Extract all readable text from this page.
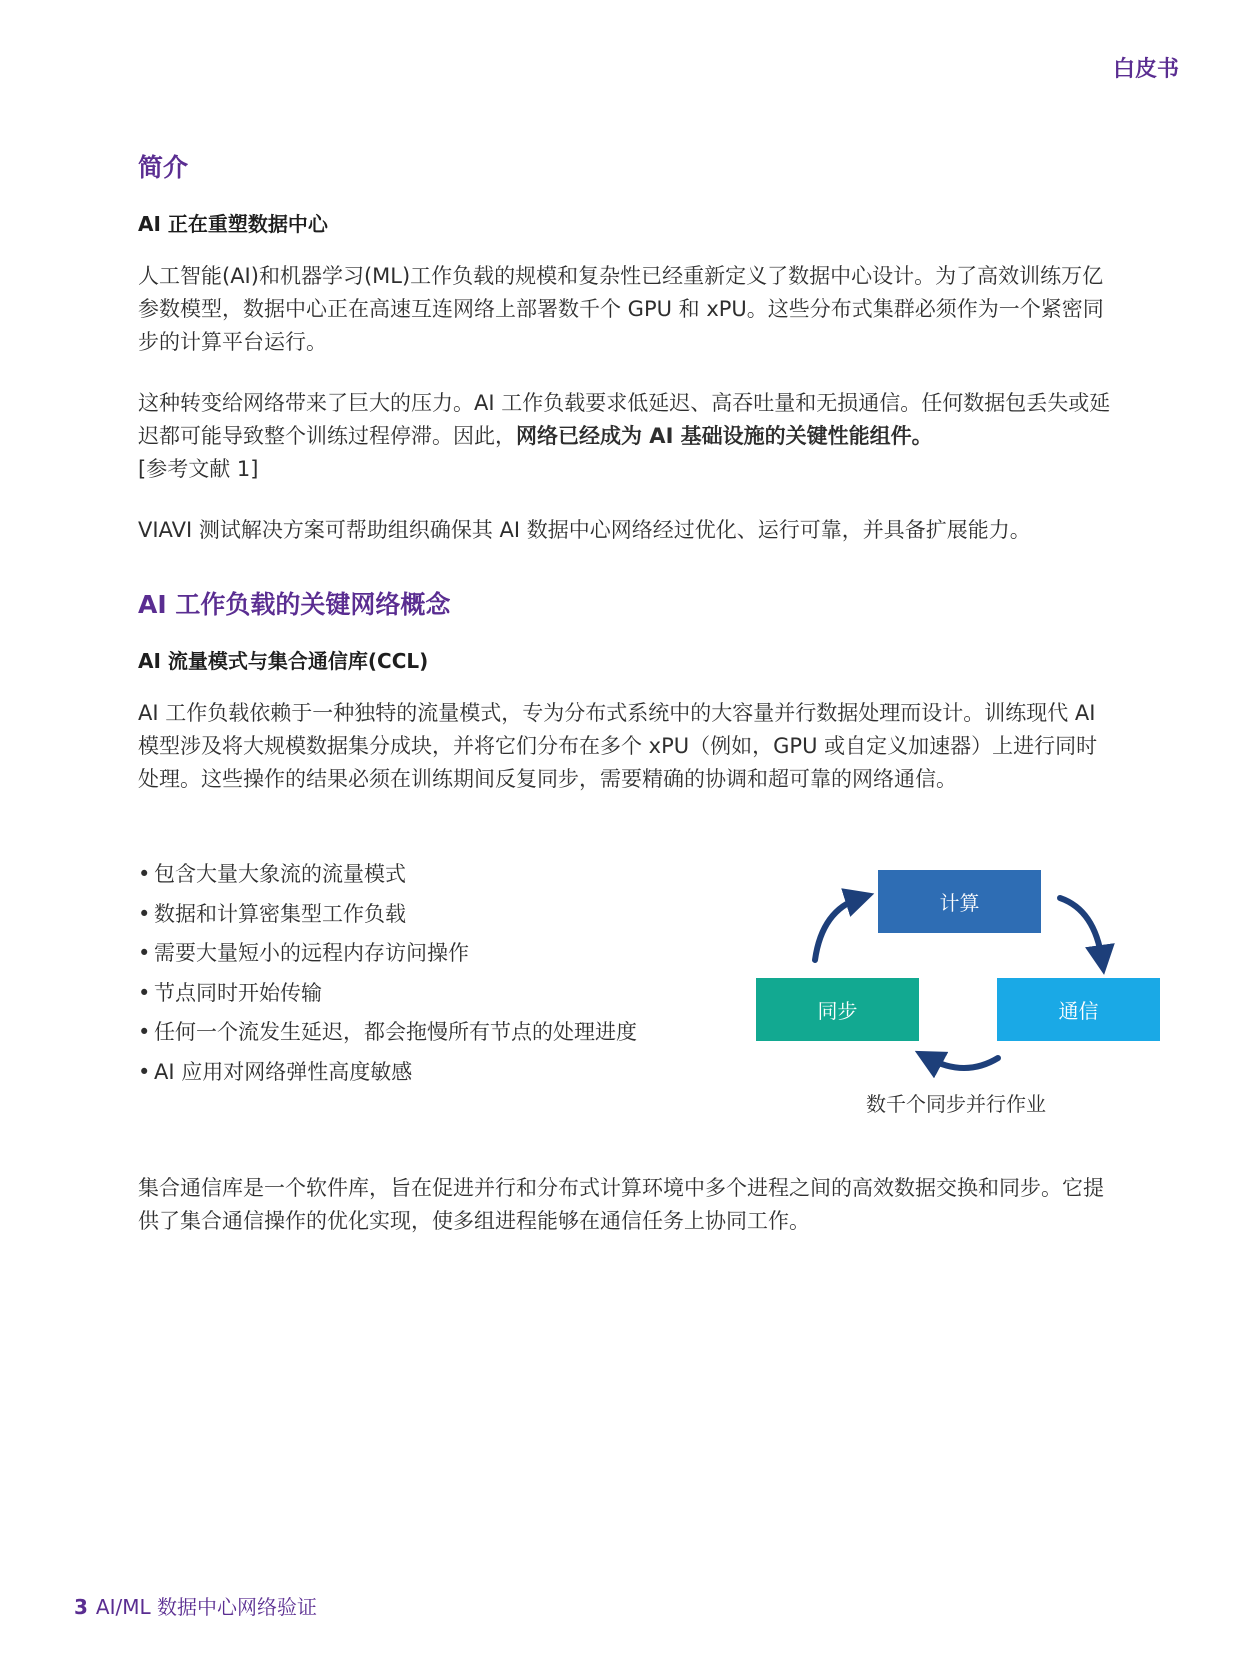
白皮书
简介
AI 正在重塑数据中心

人工智能(AI)和机器学习(ML)工作负载的规模和复杂性已经重新定义了数据中心设计。为了高效训练万亿参数模型，数据中心正在高速互连网络上部署数千个 GPU 和 xPU。这些分布式集群必须作为一个紧密同步的计算平台运行。

这种转变给网络带来了巨大的压力。AI 工作负载要求低延迟、高吞吐量和无损通信。任何数据包丢失或延迟都可能导致整个训练过程停滞。因此，网络已经成为 AI 基础设施的关键性能组件。
[参考文献 1]

VIAVI 测试解决方案可帮助组织确保其 AI 数据中心网络经过优化、运行可靠，并具备扩展能力。

AI 工作负载的关键网络概念
AI 流量模式与集合通信库(CCL)

AI 工作负载依赖于一种独特的流量模式，专为分布式系统中的大容量并行数据处理而设计。训练现代 AI 模型涉及将大规模数据集分成块，并将它们分布在多个 xPU（例如，GPU 或自定义加速器）上进行同时处理。这些操作的结果必须在训练期间反复同步，需要精确的协调和超可靠的网络通信。

• 包含大量大象流的流量模式
• 数据和计算密集型工作负载
• 需要大量短小的远程内存访问操作
• 节点同时开始传输
• 任何一个流发生延迟，都会拖慢所有节点的处理进度
• AI 应用对网络弹性高度敏感

集合通信库是一个软件库，旨在促进并行和分布式计算环境中多个进程之间的高效数据交换和同步。它提供了集合通信操作的优化实现，使多组进程能够在通信任务上协同工作。

计算
同步	通信
数千个同步并行作业
3 AI/ML 数据中心网络验证
